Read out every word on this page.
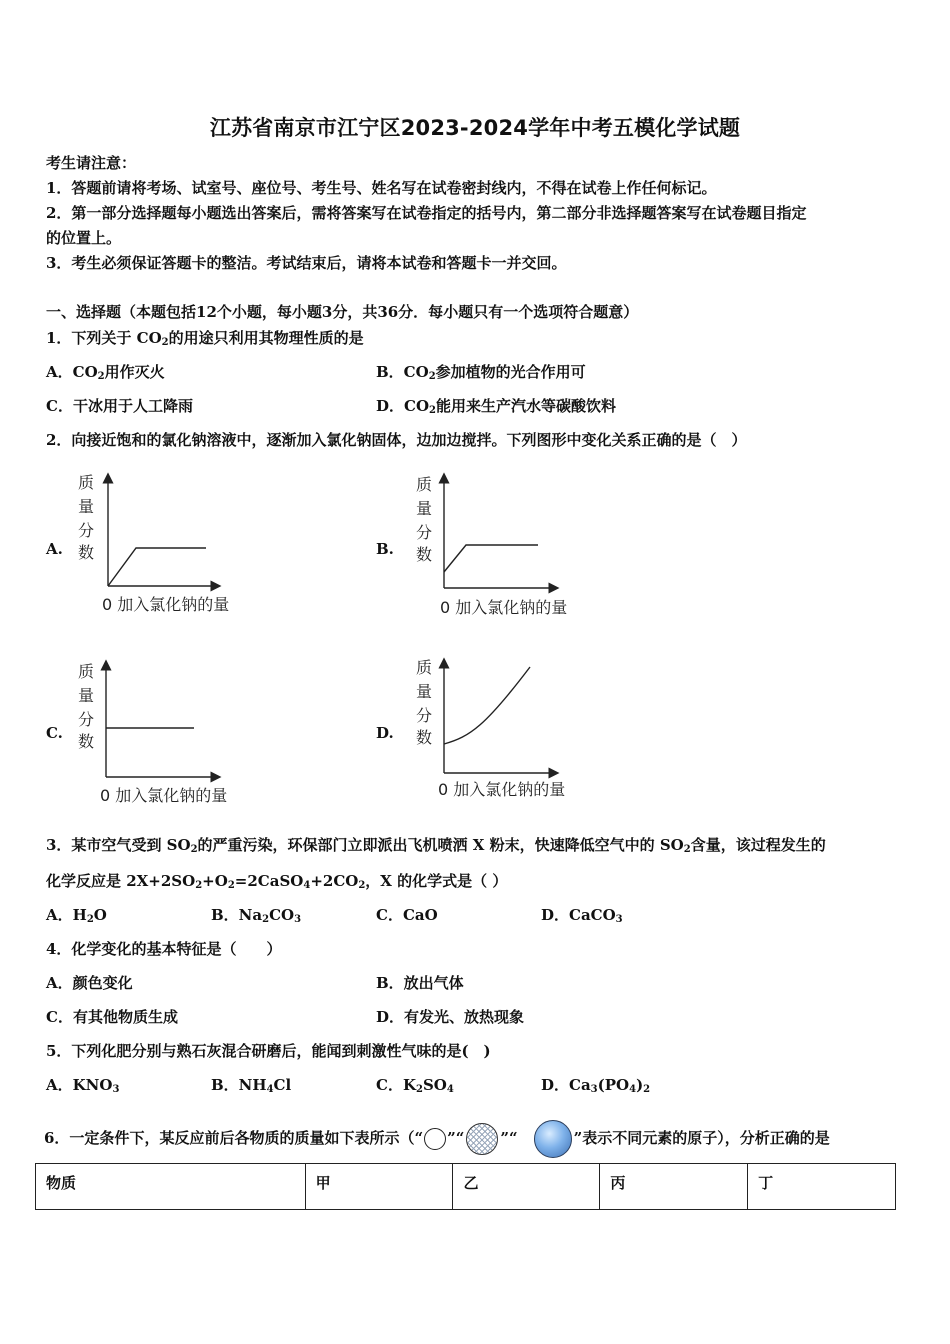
江苏省南京市江宁区2023-2024学年中考五模化学试题
考生请注意：
1．答题前请将考场、试室号、座位号、考生号、姓名写在试卷密封线内，不得在试卷上作任何标记。
2．第一部分选择题每小题选出答案后，需将答案写在试卷指定的括号内，第二部分非选择题答案写在试卷题目指定
的位置上。
3．考生必须保证答题卡的整洁。考试结束后，请将本试卷和答题卡一并交回。
一、选择题（本题包括12个小题，每小题3分，共36分．每小题只有一个选项符合题意）
1．下列关于 $CO_2$的用途只利用其物理性质的是
A．$CO_2$用作灭火	B．$CO_2$参加植物的光合作用可
C．干冰用于人工降雨	D．$CO_2$能用来生产汽水等碳酸饮料
2．向接近饱和的氯化钠溶液中，逐渐加入氯化钠固体，边加边搅拌。下列图形中变化关系正确的是（　）
A.	B.
C.	D.
质
量
分
数
0 加入氯化钠的量
质
量
分
数
0 加入氯化钠的量
质
量
分
数
0 加入氯化钠的量
质
量
分
数
0 加入氯化钠的量
3．某市空气受到 $SO_2$的严重污染，环保部门立即派出飞机喷洒 X 粉末，快速降低空气中的 $SO_2$含量，该过程发生的
化学反应是 $2X+2SO_2+O_2=2CaSO_4+2CO_2$，X 的化学式是（ ）
A．$H_2O$	B．$Na_2CO_3$	C．CaO	D．CaCO$_3$
4．化学变化的基本特征是（　　）
A．颜色变化	B．放出气体
C．有其他物质生成	D．有发光、放热现象
5．下列化肥分别与熟石灰混合研磨后，能闻到刺激性气味的是(　)
A．$KNO_3$	B．$NH_4Cl$	C．$K_2SO_4$	D．$Ca_3(PO_4)_2$
6．一定条件下，某反应前后各物质的质量如下表所示（“ ”“ ”“	”表示不同元素的原子），分析正确的是
物质	甲	乙	丙	丁
